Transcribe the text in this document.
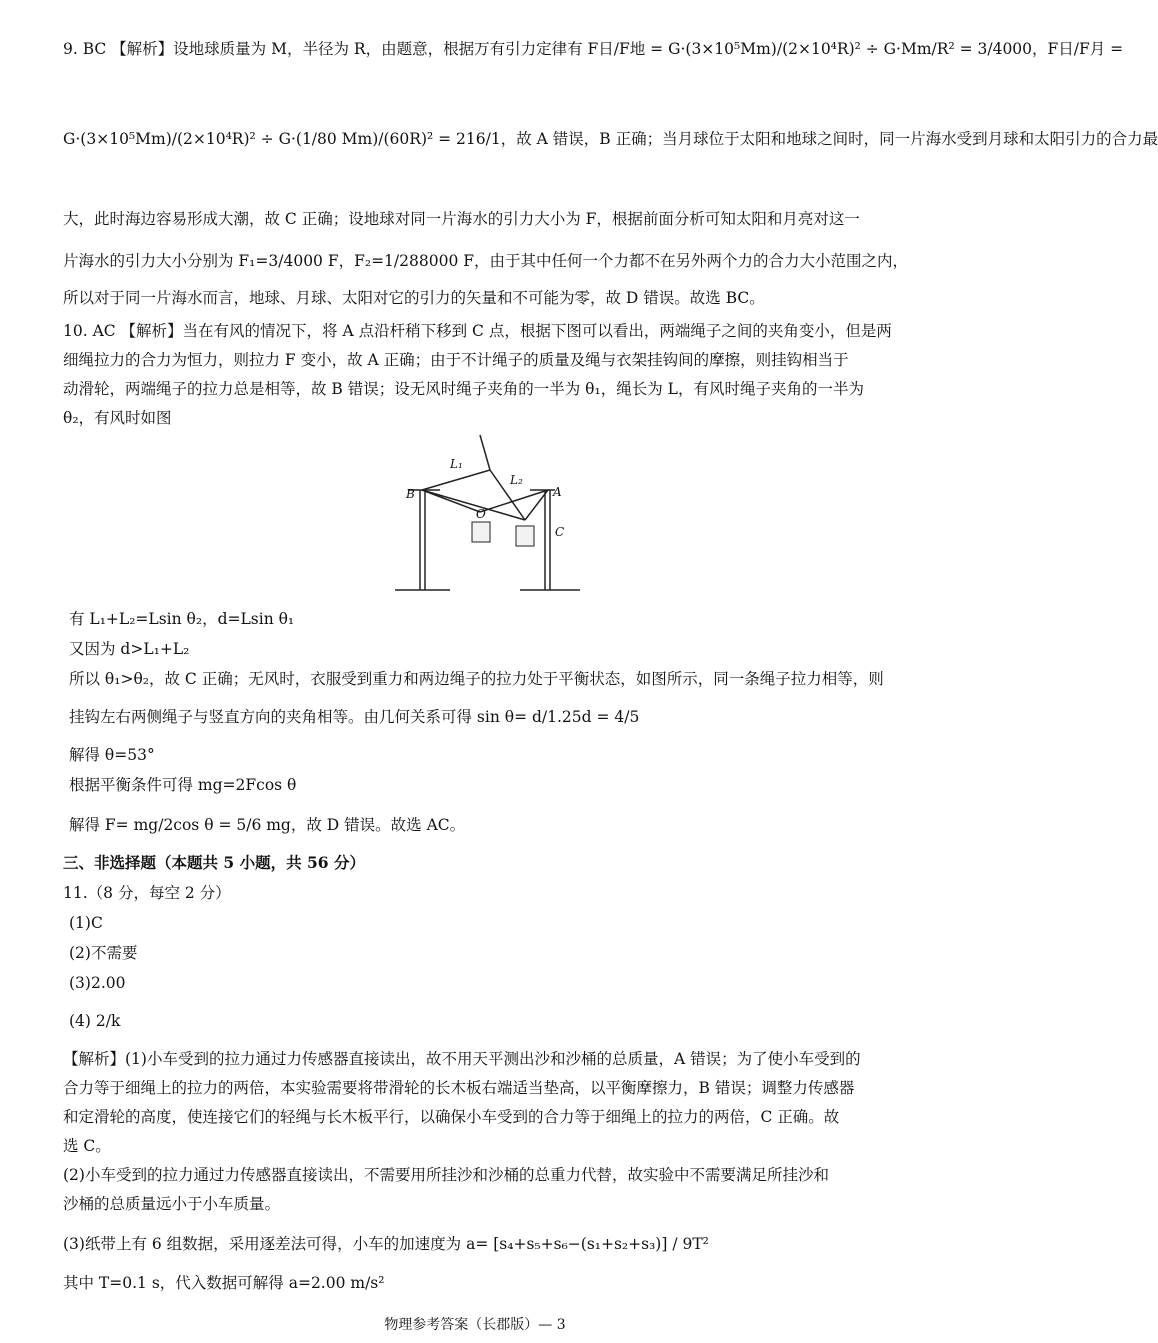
9. BC 【解析】设地球质量为 M，半径为 R，由题意，根据万有引力定律有 F日/F地 = G·(3×10⁵Mm)/(2×10⁴R)² ÷ G·Mm/R² = 3/4000，F日/F月 =
G·(3×10⁵Mm)/(2×10⁴R)² ÷ G·(1/80 Mm)/(60R)² = 216/1，故 A 错误，B 正确；当月球位于太阳和地球之间时，同一片海水受到月球和太阳引力的合力最
大，此时海边容易形成大潮，故 C 正确；设地球对同一片海水的引力大小为 F，根据前面分析可知太阳和月亮对这一
片海水的引力大小分别为 F₁=3/4000 F，F₂=1/288000 F，由于其中任何一个力都不在另外两个力的合力大小范围之内，
所以对于同一片海水而言，地球、月球、太阳对它的引力的矢量和不可能为零，故 D 错误。故选 BC。
10. AC 【解析】当在有风的情况下，将 A 点沿杆稍下移到 C 点，根据下图可以看出，两端绳子之间的夹角变小，但是两
细绳拉力的合力为恒力，则拉力 F 变小，故 A 正确；由于不计绳子的质量及绳与衣架挂钩间的摩擦，则挂钩相当于
动滑轮，两端绳子的拉力总是相等，故 B 错误；设无风时绳子夹角的一半为 θ₁，绳长为 L，有风时绳子夹角的一半为
θ₂，有风时如图
L₁
L₂
B	A
O
C
有 L₁+L₂=Lsin θ₂，d=Lsin θ₁
又因为 d>L₁+L₂
所以 θ₁>θ₂，故 C 正确；无风时，衣服受到重力和两边绳子的拉力处于平衡状态，如图所示，同一条绳子拉力相等，则
挂钩左右两侧绳子与竖直方向的夹角相等。由几何关系可得 sin θ= d/1.25d = 4/5
解得 θ=53°
根据平衡条件可得 mg=2Fcos θ
解得 F= mg/2cos θ = 5/6 mg，故 D 错误。故选 AC。
三、非选择题（本题共 5 小题，共 56 分）
11.（8 分，每空 2 分）
(1)C
(2)不需要
(3)2.00
(4) 2/k
【解析】(1)小车受到的拉力通过力传感器直接读出，故不用天平测出沙和沙桶的总质量，A 错误；为了使小车受到的
合力等于细绳上的拉力的两倍，本实验需要将带滑轮的长木板右端适当垫高，以平衡摩擦力，B 错误；调整力传感器
和定滑轮的高度，使连接它们的轻绳与长木板平行，以确保小车受到的合力等于细绳上的拉力的两倍，C 正确。故
选 C。
(2)小车受到的拉力通过力传感器直接读出，不需要用所挂沙和沙桶的总重力代替，故实验中不需要满足所挂沙和
沙桶的总质量远小于小车质量。
(3)纸带上有 6 组数据，采用逐差法可得，小车的加速度为 a= [s₄+s₅+s₆−(s₁+s₂+s₃)] / 9T²
其中 T=0.1 s，代入数据可解得 a=2.00 m/s²
物理参考答案（长郡版）— 3
